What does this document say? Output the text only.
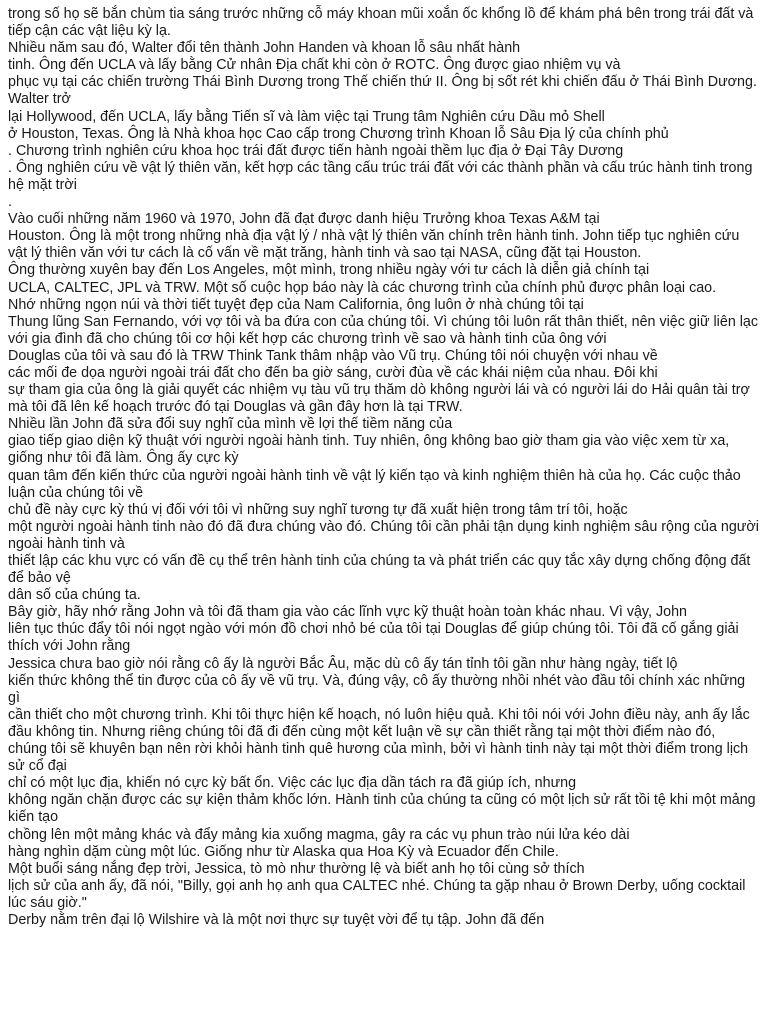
trong số họ sẽ bắn chùm tia sáng trước những cỗ máy khoan mũi xoắn ốc khổng lồ để khám phá bên trong trái đất và tiếp cận các vật liệu kỳ lạ.
Nhiều năm sau đó, Walter đổi tên thành John Handen và khoan lỗ sâu nhất hành
tinh. Ông đến UCLA và lấy bằng Cử nhân Địa chất khi còn ở ROTC. Ông được giao nhiệm vụ và
phục vụ tại các chiến trường Thái Bình Dương trong Thế chiến thứ II. Ông bị sốt rét khi chiến đấu ở Thái Bình Dương. Walter trở
lại Hollywood, đến UCLA, lấy bằng Tiến sĩ và làm việc tại Trung tâm Nghiên cứu Dầu mỏ Shell
ở Houston, Texas. Ông là Nhà khoa học Cao cấp trong Chương trình Khoan lỗ Sâu Địa lý của chính phủ
. Chương trình nghiên cứu khoa học trái đất được tiến hành ngoài thềm lục địa ở Đại Tây Dương
. Ông nghiên cứu về vật lý thiên văn, kết hợp các tầng cấu trúc trái đất với các thành phần và cấu trúc hành tinh trong hệ mặt trời
.
Vào cuối những năm 1960 và 1970, John đã đạt được danh hiệu Trưởng khoa Texas A&M tại
Houston. Ông là một trong những nhà địa vật lý / nhà vật lý thiên văn chính trên hành tinh. John tiếp tục nghiên cứu vật lý thiên văn với tư cách là cố vấn về mặt trăng, hành tinh và sao tại NASA, cũng đặt tại Houston.
Ông thường xuyên bay đến Los Angeles, một mình, trong nhiều ngày với tư cách là diễn giả chính tại
UCLA, CALTEC, JPL và TRW. Một số cuộc họp báo này là các chương trình của chính phủ được phân loại cao.
Nhớ những ngọn núi và thời tiết tuyệt đẹp của Nam California, ông luôn ở nhà chúng tôi tại
Thung lũng San Fernando, với vợ tôi và ba đứa con của chúng tôi. Vì chúng tôi luôn rất thân thiết, nên việc giữ liên lạc
với gia đình đã cho chúng tôi cơ hội kết hợp các chương trình về sao và hành tinh của ông với
Douglas của tôi và sau đó là TRW Think Tank thâm nhập vào Vũ trụ. Chúng tôi nói chuyện với nhau về
các mối đe dọa người ngoài trái đất cho đến ba giờ sáng, cười đùa về các khái niệm của nhau. Đôi khi
sự tham gia của ông là giải quyết các nhiệm vụ tàu vũ trụ thăm dò không người lái và có người lái do Hải quân tài trợ
mà tôi đã lên kế hoạch trước đó tại Douglas và gần đây hơn là tại TRW.
Nhiều lần John đã sửa đổi suy nghĩ của mình về lợi thế tiềm năng của
giao tiếp giao diện kỹ thuật với người ngoài hành tinh. Tuy nhiên, ông không bao giờ tham gia vào việc xem từ xa, giống như tôi đã làm. Ông ấy cực kỳ
quan tâm đến kiến thức của người ngoài hành tinh về vật lý kiến tạo và kinh nghiệm thiên hà của họ. Các cuộc thảo luận của chúng tôi về
chủ đề này cực kỳ thú vị đối với tôi vì những suy nghĩ tương tự đã xuất hiện trong tâm trí tôi, hoặc
một người ngoài hành tinh nào đó đã đưa chúng vào đó. Chúng tôi cần phải tận dụng kinh nghiệm sâu rộng của người ngoài hành tinh và
thiết lập các khu vực có vấn đề cụ thể trên hành tinh của chúng ta và phát triển các quy tắc xây dựng chống động đất để bảo vệ
dân số của chúng ta.
Bây giờ, hãy nhớ rằng John và tôi đã tham gia vào các lĩnh vực kỹ thuật hoàn toàn khác nhau. Vì vậy, John
liên tục thúc đẩy tôi nói ngọt ngào với món đồ chơi nhỏ bé của tôi tại Douglas để giúp chúng tôi. Tôi đã cố gắng giải thích với John rằng
Jessica chưa bao giờ nói rằng cô ấy là người Bắc Âu, mặc dù cô ấy tán tỉnh tôi gần như hàng ngày, tiết lộ
kiến thức không thể tin được của cô ấy về vũ trụ. Và, đúng vậy, cô ấy thường nhồi nhét vào đầu tôi chính xác những gì
cần thiết cho một chương trình. Khi tôi thực hiện kế hoạch, nó luôn hiệu quả. Khi tôi nói với John điều này, anh ấy lắc
đầu không tin. Nhưng riêng chúng tôi đã đi đến cùng một kết luận về sự cần thiết rằng tại một thời điểm nào đó,
chúng tôi sẽ khuyên bạn nên rời khỏi hành tinh quê hương của mình, bởi vì hành tinh này tại một thời điểm trong lịch sử cổ đại
chỉ có một lục địa, khiến nó cực kỳ bất ổn. Việc các lục địa dần tách ra đã giúp ích, nhưng
không ngăn chặn được các sự kiện thảm khốc lớn. Hành tinh của chúng ta cũng có một lịch sử rất tồi tệ khi một mảng kiến tạo
chồng lên một mảng khác và đẩy mảng kia xuống magma, gây ra các vụ phun trào núi lửa kéo dài
hàng nghìn dặm cùng một lúc. Giống như từ Alaska qua Hoa Kỳ và Ecuador đến Chile.
Một buổi sáng nắng đẹp trời, Jessica, tò mò như thường lệ và biết anh họ tôi cùng sở thích
lịch sử của anh ấy, đã nói, "Billy, gọi anh họ anh qua CALTEC nhé. Chúng ta gặp nhau ở Brown Derby, uống cocktail lúc sáu giờ."
Derby nằm trên đại lộ Wilshire và là một nơi thực sự tuyệt vời để tụ tập. John đã đến
